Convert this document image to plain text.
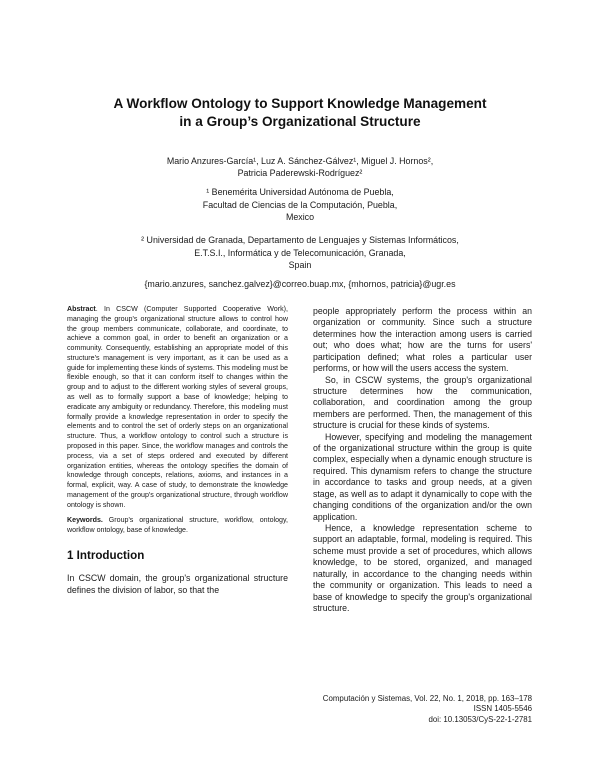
A Workflow Ontology to Support Knowledge Management
in a Group’s Organizational Structure
Mario Anzures-García¹, Luz A. Sánchez-Gálvez¹, Miguel J. Hornos²,
Patricia Paderewski-Rodríguez²
¹ Benemérita Universidad Autónoma de Puebla,
Facultad de Ciencias de la Computación, Puebla,
Mexico
² Universidad de Granada, Departamento de Lenguajes y Sistemas Informáticos,
E.T.S.I., Informática y de Telecomunicación, Granada,
Spain
{mario.anzures, sanchez.galvez}@correo.buap.mx, {mhornos, patricia}@ugr.es

Abstract. In CSCW (Computer Supported Cooperative Work), managing the group's organizational structure allows to control how the group members communicate, collaborate, and coordinate, to achieve a common goal, in order to benefit an organization or a community. Consequently, establishing an appropriate model of this structure's management is very important, as it can be used as a guide for implementing these kinds of systems. This modeling must be flexible enough, so that it can conform itself to changes within the group and to adjust to the different working styles of several groups, as well as to formally support a base of knowledge; helping to eradicate any ambiguity or redundancy. Therefore, this modeling must formally provide a knowledge representation in order to specify the elements and to control the set of orderly steps on an organizational structure. Thus, a workflow ontology to control such a structure is proposed in this paper. Since, the workflow manages and controls the process, via a set of steps ordered and executed by different organization entities, whereas the ontology specifies the domain of knowledge through concepts, relations, axioms, and instances in a formal, explicit, way. A case of study, to demonstrate the knowledge management of the group's organizational structure, through workflow ontology is shown.

Keywords. Group's organizational structure, workflow, ontology, workflow ontology, base of knowledge.
1 Introduction

In CSCW domain, the group's organizational structure defines the division of labor, so that the

people appropriately perform the process within an organization or community. Since such a structure determines how the interaction among users is carried out; who does what; how are the turns for users' participation defined; what roles a particular user performs, or how will the users access the system.

So, in CSCW systems, the group's organizational structure determines how the communication, collaboration, and coordination among the group members are performed. Then, the management of this structure is crucial for these kinds of systems.

However, specifying and modeling the management of the organizational structure within the group is quite complex, especially when a dynamic enough structure is required. This dynamism refers to change the structure in accordance to tasks and group needs, at a given stage, as well as to adapt it dynamically to cope with the changing conditions of the organization and/or the own application.

Hence, a knowledge representation scheme to support an adaptable, formal, modeling is required. This scheme must provide a set of procedures, which allows knowledge, to be stored, organized, and managed naturally, in accordance to the changing needs within the community or organization. This leads to need a base of knowledge to specify the group's organizational structure.

Computación y Sistemas, Vol. 22, No. 1, 2018, pp. 163–178
ISSN 1405-5546
doi: 10.13053/CyS-22-1-2781
